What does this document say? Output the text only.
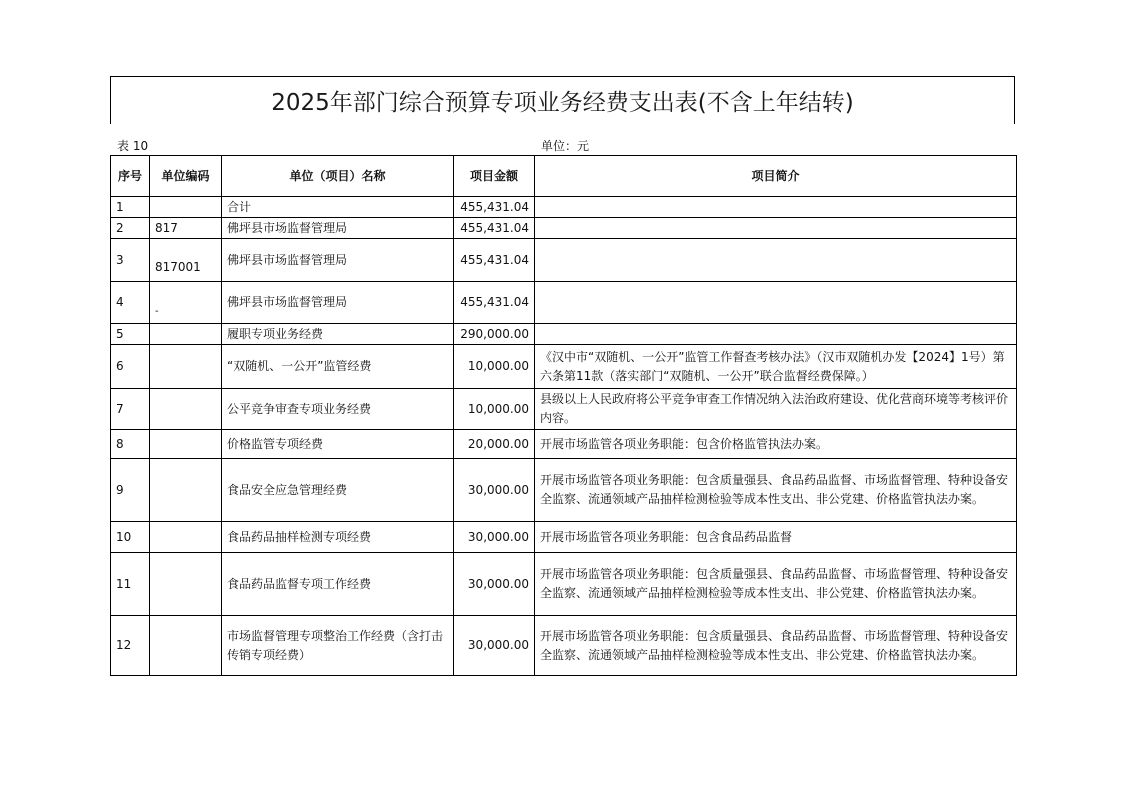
2025年部门综合预算专项业务经费支出表(不含上年结转)
表 10	单位：元
序号	单位编码	单位（项目）名称	项目金额	项目简介
1		合计	455,431.04	
2	817	佛坪县市场监督管理局	455,431.04	
3	817001	佛坪县市场监督管理局	455,431.04	
4	-	佛坪县市场监督管理局	455,431.04	
5		履职专项业务经费	290,000.00	
6		“双随机、一公开”监管经费	10,000.00	《汉中市“双随机、一公开”监管工作督查考核办法》（汉市双随机办发【2024】1号）第六条第11款（落实部门“双随机、一公开”联合监督经费保障。）
7		公平竞争审查专项业务经费	10,000.00	县级以上人民政府将公平竞争审查工作情况纳入法治政府建设、优化营商环境等考核评价内容。
8		价格监管专项经费	20,000.00	开展市场监管各项业务职能：包含价格监管执法办案。
9		食品安全应急管理经费	30,000.00	开展市场监管各项业务职能：包含质量强县、食品药品监督、市场监督管理、特种设备安全监察、流通领域产品抽样检测检验等成本性支出、非公党建、价格监管执法办案。
10		食品药品抽样检测专项经费	30,000.00	开展市场监管各项业务职能：包含食品药品监督
11		食品药品监督专项工作经费	30,000.00	开展市场监管各项业务职能：包含质量强县、食品药品监督、市场监督管理、特种设备安全监察、流通领域产品抽样检测检验等成本性支出、非公党建、价格监管执法办案。
12		市场监督管理专项整治工作经费（含打击传销专项经费）	30,000.00	开展市场监管各项业务职能：包含质量强县、食品药品监督、市场监督管理、特种设备安全监察、流通领域产品抽样检测检验等成本性支出、非公党建、价格监管执法办案。
